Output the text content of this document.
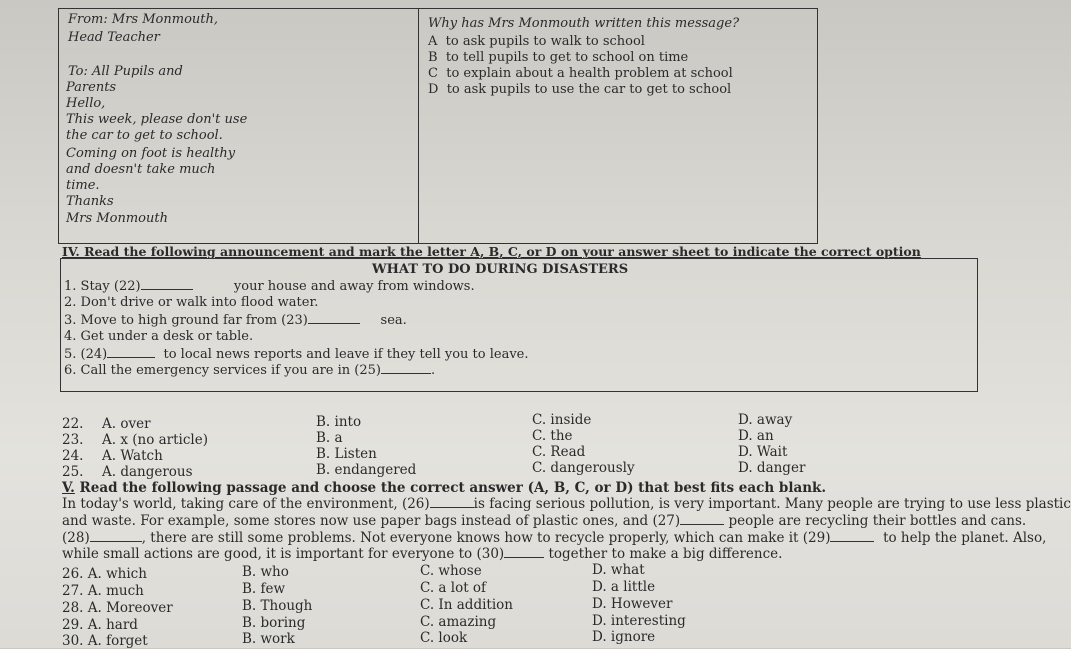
From: Mrs Monmouth,
Head Teacher
To: All Pupils and
Parents
Hello,
This week, please don't use
the car to get to school.
Coming on foot is healthy
and doesn't take much
time.
Thanks
Mrs Monmouth
Why has Mrs Monmouth written this message?
A to ask pupils to walk to school
B to tell pupils to get to school on time
C to explain about a health problem at school
D to ask pupils to use the car to get to school
IV. Read the following announcement and mark the letter A, B, C, or D on your answer sheet to indicate the correct option
WHAT TO DO DURING DISASTERS
1. Stay (22)	your house and away from windows.
2. Don't drive or walk into flood water.
3. Move to high ground far from (23)	sea.
4. Get under a desk or table.
5. (24)	to local news reports and leave if they tell you to leave.
6. Call the emergency services if you are in (25)	.
22. A. over	B. into	C. inside	D. away
23. A. x (no article)	B. a	C. the	D. an
24. A. Watch	B. Listen	C. Read	D. Wait
25. A. dangerous	B. endangered	C. dangerously	D. danger
V. Read the following passage and choose the correct answer (A, B, C, or D) that best fits each blank.
In today's world, taking care of the environment, (26)	is facing serious pollution, is very important. Many people are trying to use less plastic
and waste. For example, some stores now use paper bags instead of plastic ones, and (27)	people are recycling their bottles and cans.
(28)	, there are still some problems. Not everyone knows how to recycle properly, which can make it (29)	to help the planet. Also,
while small actions are good, it is important for everyone to (30)	together to make a big difference.
26. A. which	B. who	C. whose	D. what
27. A. much	B. few	C. a lot of	D. a little
28. A. Moreover	B. Though	C. In addition	D. However
29. A. hard	B. boring	C. amazing	D. interesting
30. A. forget	B. work	C. look	D. ignore
